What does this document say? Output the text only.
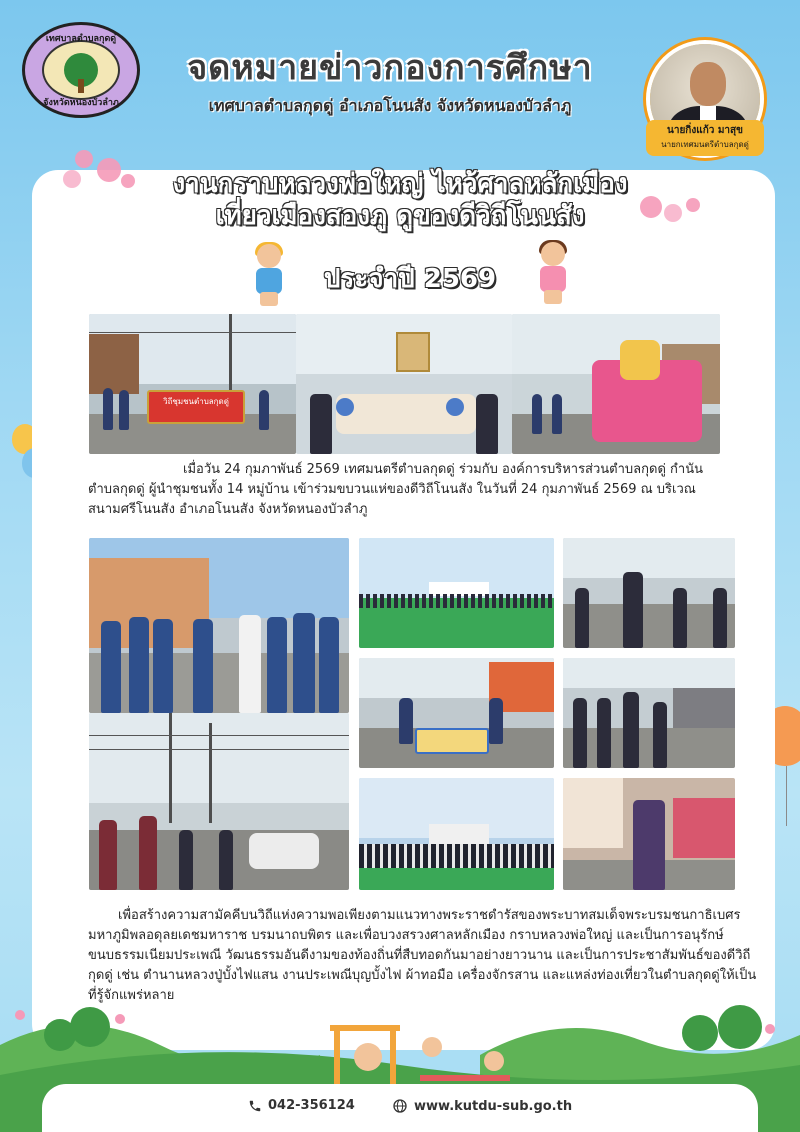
เทศบาลตำบลกุดดู่
จังหวัดหนองบัวลำภู
จดหมายข่าวกองการศึกษา
เทศบาลตำบลกุดดู่ อำเภอโนนสัง จังหวัดหนองบัวลำภู
นายกิ่งแก้ว มาสุข
นายกเทศมนตรีตำบลกุดดู่
งานกราบหลวงพ่อใหญ่ ไหว้ศาลหลักเมือง
เที่ยวเมืองสองภู ดูของดีวิถีโนนสัง
ประจำปี 2569
วิถีชุมชนตำบลกุดดู่
เมื่อวัน 24 กุมภาพันธ์ 2569 เทศมนตรีตำบลกุดดู่ ร่วมกับ องค์การบริหารส่วนตำบลกุดดู่ กำนันตำบลกุดดู่ ผู้นำชุมชนทั้ง 14 หมู่บ้าน เข้าร่วมขบวนแห่ของดีวิถีโนนสัง ในวันที่ 24 กุมภาพันธ์ 2569 ณ บริเวณสนามศรีโนนสัง อำเภอโนนสัง จังหวัดหนองบัวลำภู
เพื่อสร้างความสามัคคีบนวิถีแห่งความพอเพียงตามแนวทางพระราชดำรัสของพระบาทสมเด็จพระบรมชนกาธิเบศร มหาภูมิพลอดุลยเดชมหาราช บรมนาถบพิตร และเพื่อบวงสรวงศาลหลักเมือง กราบหลวงพ่อใหญ่ และเป็นการอนุรักษ์ขนบธรรมเนียมประเพณี วัฒนธรรมอันดีงามของท้องถิ่นที่สืบทอดกันมาอย่างยาวนาน และเป็นการประชาสัมพันธ์ของดีวิถีกุดดู่ เช่น ตำนานหลวงปู่บั้งไฟแสน งานประเพณีบุญบั้งไฟ ผ้าทอมือ เครื่องจักรสาน และแหล่งท่องเที่ยวในตำบลกุดดู่ให้เป็นที่รู้จักแพร่หลาย
042-356124	www.kutdu-sub.go.th
